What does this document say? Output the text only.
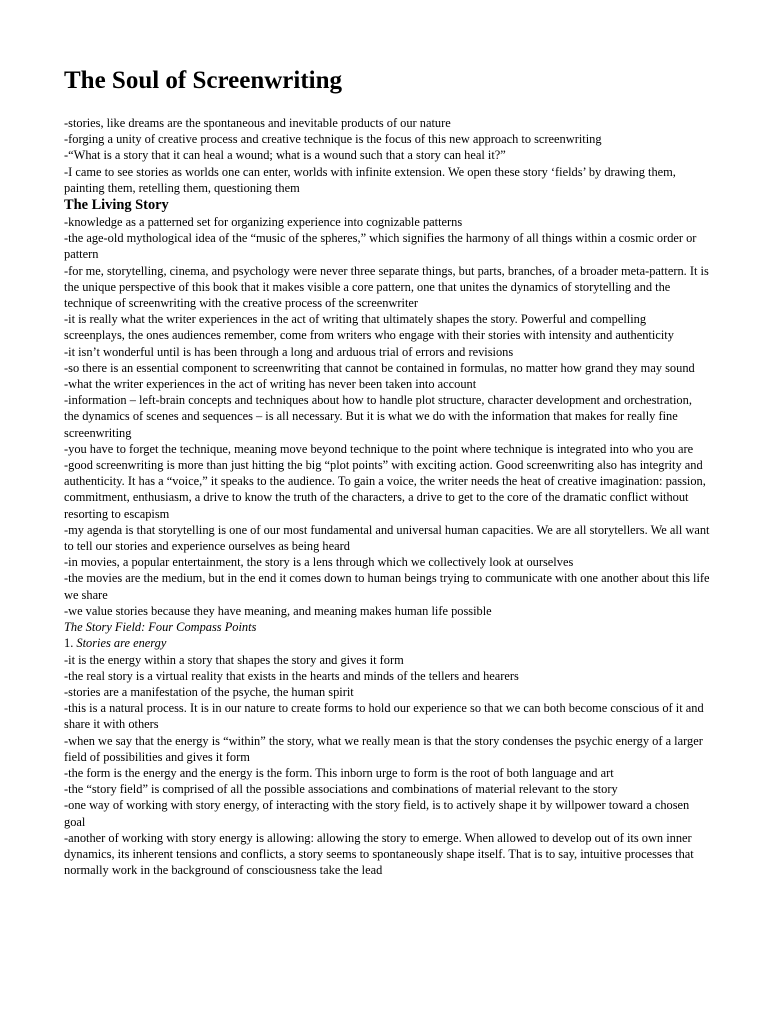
The Soul of Screenwriting

-stories, like dreams are the spontaneous and inevitable products of our nature

-forging a unity of creative process and creative technique is the focus of this new approach to screenwriting

-“What is a story that it can heal a wound; what is a wound such that a story can heal it?”

-I came to see stories as worlds one can enter, worlds with infinite extension. We open these story ‘fields’ by drawing them, painting them, retelling them, questioning them

The Living Story

-knowledge as a patterned set for organizing experience into cognizable patterns

-the age-old mythological idea of the “music of the spheres,” which signifies the harmony of all things within a cosmic order or pattern

-for me, storytelling, cinema, and psychology were never three separate things, but parts, branches, of a broader meta-pattern. It is the unique perspective of this book that it makes visible a core pattern, one that unites the dynamics of storytelling and the technique of screenwriting with the creative process of the screenwriter

-it is really what the writer experiences in the act of writing that ultimately shapes the story. Powerful and compelling screenplays, the ones audiences remember, come from writers who engage with their stories with intensity and authenticity

-it isn’t wonderful until is has been through a long and arduous trial of errors and revisions

-so there is an essential component to screenwriting that cannot be contained in formulas, no matter how grand they may sound

-what the writer experiences in the act of writing has never been taken into account

-information – left-brain concepts and techniques about how to handle plot structure, character development and orchestration, the dynamics of scenes and sequences – is all necessary. But it is what we do with the information that makes for really fine screenwriting

-you have to forget the technique, meaning move beyond technique to the point where technique is integrated into who you are

-good screenwriting is more than just hitting the big “plot points” with exciting action. Good screenwriting also has integrity and authenticity. It has a “voice,” it speaks to the audience. To gain a voice, the writer needs the heat of creative imagination: passion, commitment, enthusiasm, a drive to know the truth of the characters, a drive to get to the core of the dramatic conflict without resorting to escapism

-my agenda is that storytelling is one of our most fundamental and universal human capacities. We are all storytellers. We all want to tell our stories and experience ourselves as being heard

-in movies, a popular entertainment, the story is a lens through which we collectively look at ourselves

-the movies are the medium, but in the end it comes down to human beings trying to communicate with one another about this life we share

-we value stories because they have meaning, and meaning makes human life possible

The Story Field: Four Compass Points
1. Stories are energy

-it is the energy within a story that shapes the story and gives it form

-the real story is a virtual reality that exists in the hearts and minds of the tellers and hearers

-stories are a manifestation of the psyche, the human spirit

-this is a natural process. It is in our nature to create forms to hold our experience so that we can both become conscious of it and share it with others

-when we say that the energy is “within” the story, what we really mean is that the story condenses the psychic energy of a larger field of possibilities and gives it form

-the form is the energy and the energy is the form. This inborn urge to form is the root of both language and art

-the “story field” is comprised of all the possible associations and combinations of material relevant to the story

-one way of working with story energy, of interacting with the story field, is to actively shape it by willpower toward a chosen goal

-another of working with story energy is allowing: allowing the story to emerge. When allowed to develop out of its own inner dynamics, its inherent tensions and conflicts, a story seems to spontaneously shape itself. That is to say, intuitive processes that normally work in the background of consciousness take the lead
